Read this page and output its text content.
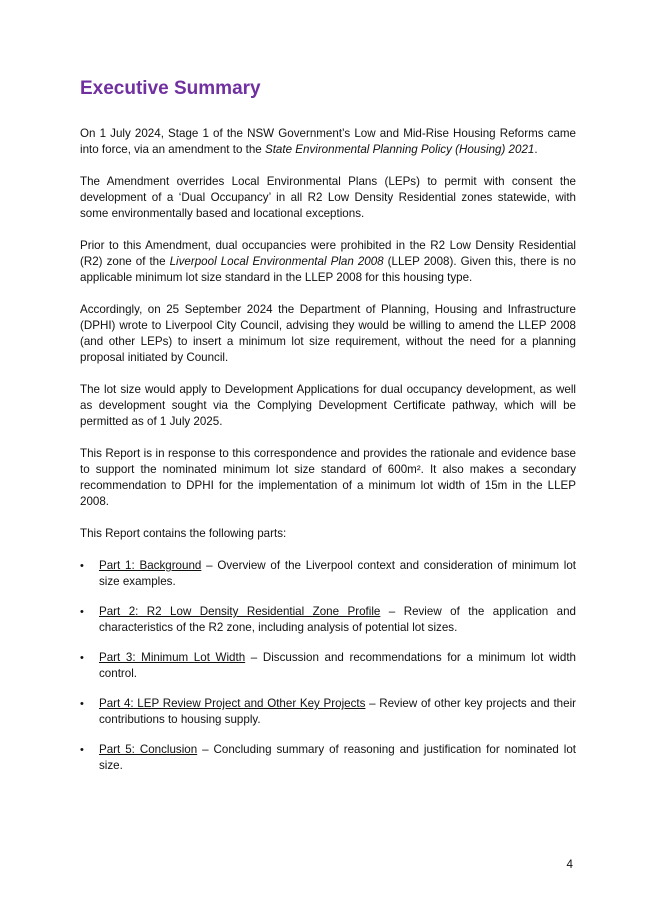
Executive Summary

On 1 July 2024, Stage 1 of the NSW Government’s Low and Mid-Rise Housing Reforms came into force, via an amendment to the State Environmental Planning Policy (Housing) 2021.

The Amendment overrides Local Environmental Plans (LEPs) to permit with consent the development of a ‘Dual Occupancy’ in all R2 Low Density Residential zones statewide, with some environmentally based and locational exceptions.

Prior to this Amendment, dual occupancies were prohibited in the R2 Low Density Residential (R2) zone of the Liverpool Local Environmental Plan 2008 (LLEP 2008). Given this, there is no applicable minimum lot size standard in the LLEP 2008 for this housing type.

Accordingly, on 25 September 2024 the Department of Planning, Housing and Infrastructure (DPHI) wrote to Liverpool City Council, advising they would be willing to amend the LLEP 2008 (and other LEPs) to insert a minimum lot size requirement, without the need for a planning proposal initiated by Council.

The lot size would apply to Development Applications for dual occupancy development, as well as development sought via the Complying Development Certificate pathway, which will be permitted as of 1 July 2025.

This Report is in response to this correspondence and provides the rationale and evidence base to support the nominated minimum lot size standard of 600m². It also makes a secondary recommendation to DPHI for the implementation of a minimum lot width of 15m in the LLEP 2008.

This Report contains the following parts:

•	Part 1: Background – Overview of the Liverpool context and consideration of minimum lot size examples.
•	Part 2: R2 Low Density Residential Zone Profile – Review of the application and characteristics of the R2 zone, including analysis of potential lot sizes.
•	Part 3: Minimum Lot Width – Discussion and recommendations for a minimum lot width control.
•	Part 4: LEP Review Project and Other Key Projects – Review of other key projects and their contributions to housing supply.
•	Part 5: Conclusion – Concluding summary of reasoning and justification for nominated lot size.
4
